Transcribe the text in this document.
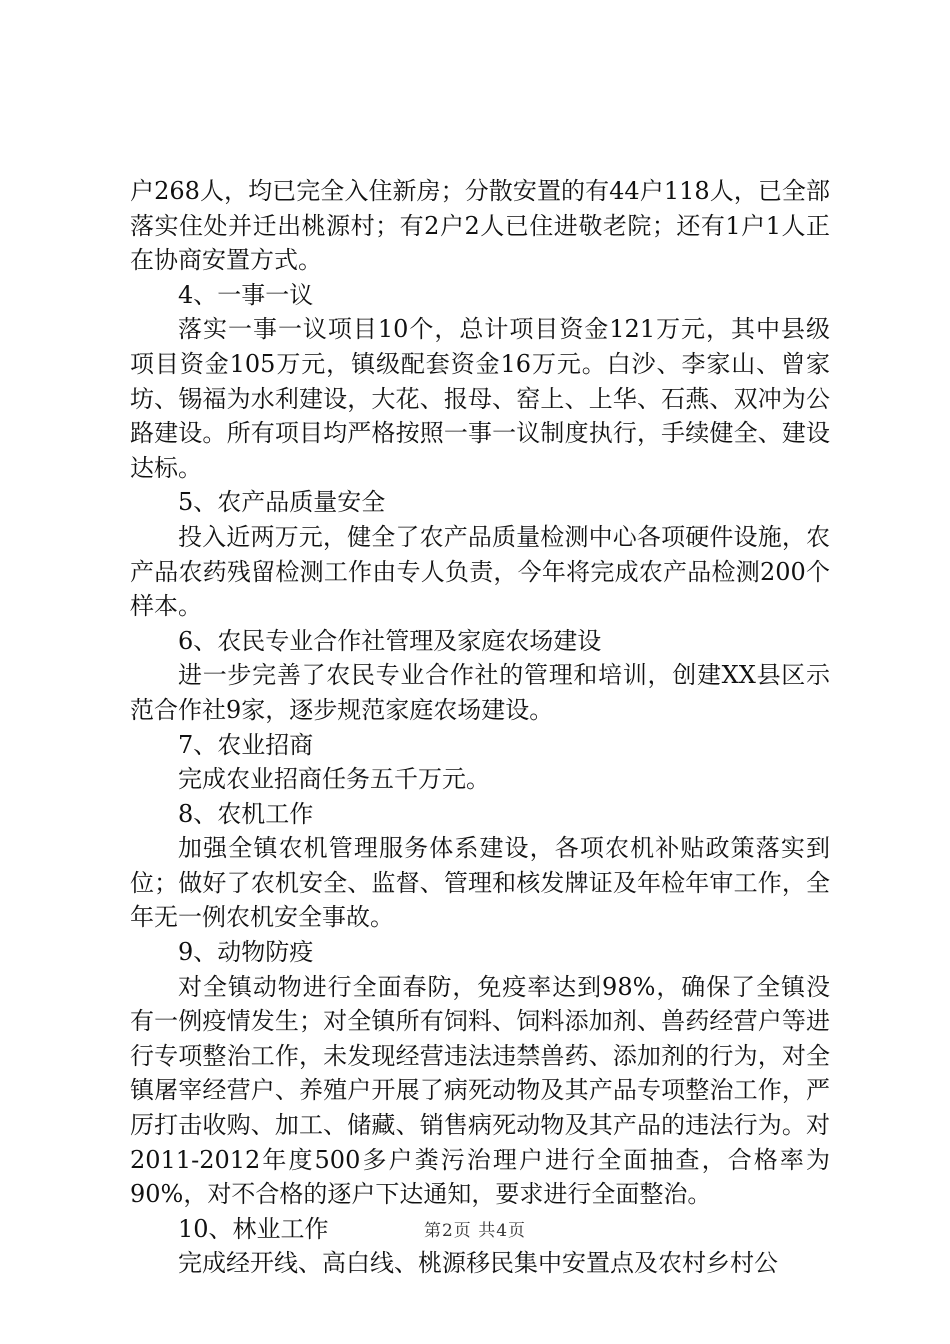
户268人，均已完全入住新房；分散安置的有44户118人，已全部落实住处并迁出桃源村；有2户2人已住进敬老院；还有1户1人正在协商安置方式。

4、一事一议

落实一事一议项目10个，总计项目资金121万元，其中县级项目资金105万元，镇级配套资金16万元。白沙、李家山、曾家坊、锡福为水利建设，大花、报母、窑上、上华、石燕、双冲为公路建设。所有项目均严格按照一事一议制度执行，手续健全、建设达标。

5、农产品质量安全

投入近两万元，健全了农产品质量检测中心各项硬件设施，农产品农药残留检测工作由专人负责，今年将完成农产品检测200个样本。

6、农民专业合作社管理及家庭农场建设

进一步完善了农民专业合作社的管理和培训，创建XX县区示范合作社9家，逐步规范家庭农场建设。

7、农业招商

完成农业招商任务五千万元。

8、农机工作

加强全镇农机管理服务体系建设，各项农机补贴政策落实到位；做好了农机安全、监督、管理和核发牌证及年检年审工作，全年无一例农机安全事故。

9、动物防疫

对全镇动物进行全面春防，免疫率达到98%，确保了全镇没有一例疫情发生；对全镇所有饲料、饲料添加剂、兽药经营户等进行专项整治工作，未发现经营违法违禁兽药、添加剂的行为，对全镇屠宰经营户、养殖户开展了病死动物及其产品专项整治工作，严厉打击收购、加工、储藏、销售病死动物及其产品的违法行为。对2011-2012年度500多户粪污治理户进行全面抽查，合格率为90%，对不合格的逐户下达通知，要求进行全面整治。

10、林业工作

完成经开线、高白线、桃源移民集中安置点及农村乡村公

第2页 共4页
